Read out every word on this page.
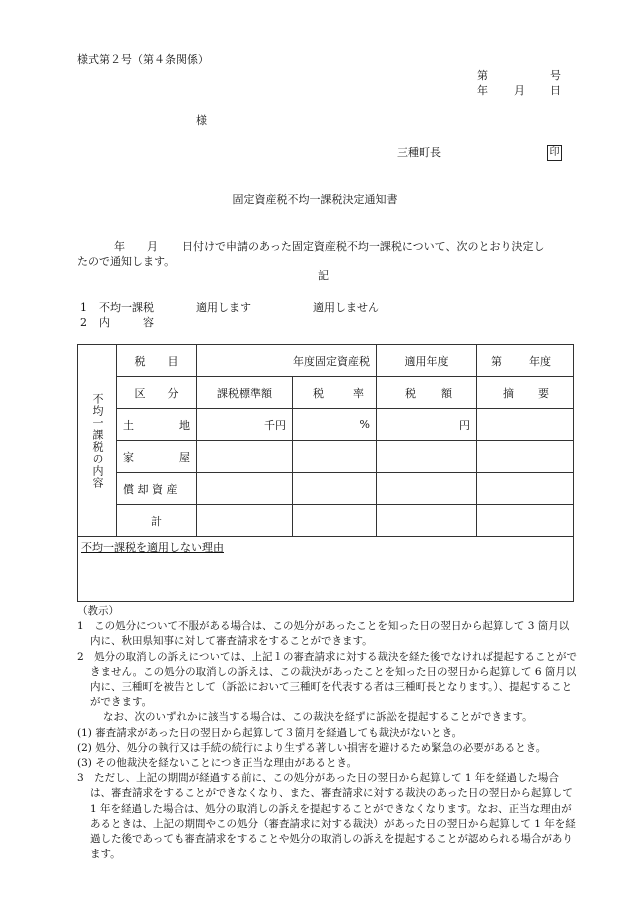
様式第２号（第４条関係）
第	号
年 月 日
様
三種町長	印
固定資産税不均一課税決定通知書
年 月 日付けで申請のあった固定資産税不均一課税について、次のとおり決定し
たので通知します。
記
1 不均一課税	適用します	適用しません
2 内　　　容
不均一課税の内容	税　　目	年度固定資産税		適用年度	第 年度

	区　　分	課税標準額	税 率	税 額	摘 要

	土 地	千円	%	円	

	家 屋				

	償 却 資 産				
	計				
不均一課税を適用しない理由					

（教示）

1　この処分について不服がある場合は、この処分があったことを知った日の翌日から起算して 3 箇月以内に、秋田県知事に対して審査請求をすることができます。

2　処分の取消しの訴えについては、上記１の審査請求に対する裁決を経た後でなければ提起することができません。この処分の取消しの訴えは、この裁決があったことを知った日の翌日から起算して 6 箇月以内に、三種町を被告として（訴訟において三種町を代表する者は三種町長となります。）、提起することができます。

なお、次のいずれかに該当する場合は、この裁決を経ずに訴訟を提起することができます。

(1) 審査請求があった日の翌日から起算して３箇月を経過しても裁決がないとき。

(2) 処分、処分の執行又は手続の続行により生ずる著しい損害を避けるため緊急の必要があるとき。

(3) その他裁決を経ないことにつき正当な理由があるとき。

3　ただし、上記の期間が経過する前に、この処分があった日の翌日から起算して 1 年を経過した場合は、審査請求をすることができなくなり、また、審査請求に対する裁決のあった日の翌日から起算して 1 年を経過した場合は、処分の取消しの訴えを提起することができなくなります。なお、正当な理由があるときは、上記の期間やこの処分（審査請求に対する裁決）があった日の翌日から起算して 1 年を経過した後であっても審査請求をすることや処分の取消しの訴えを提起することが認められる場合があります。
